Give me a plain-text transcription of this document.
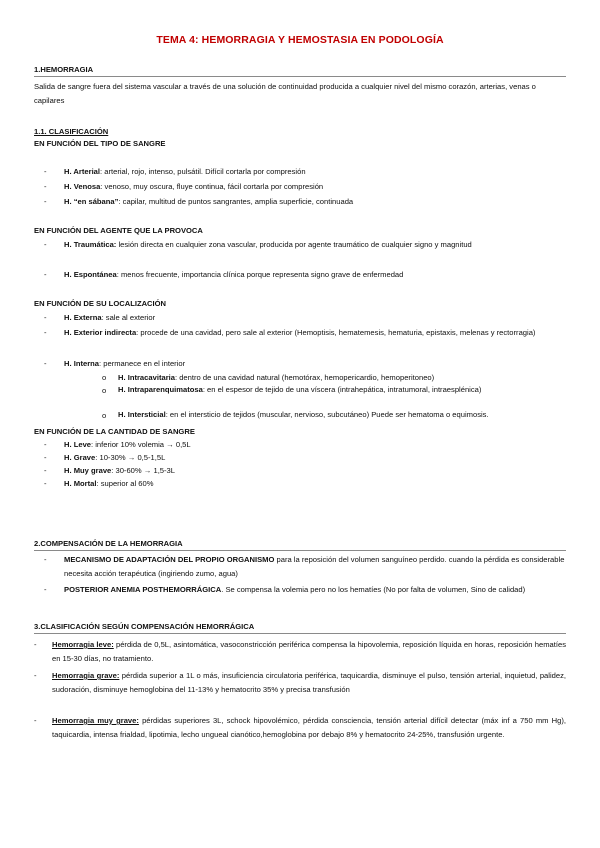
TEMA 4: HEMORRAGIA Y HEMOSTASIA EN PODOLOGÍA
1.HEMORRAGIA
Salida de sangre fuera del sistema vascular a través de una solución de continuidad producida a cualquier nivel del mismo corazón, arterias, venas o capilares
1.1. CLASIFICACIÓN
EN FUNCIÓN DEL TIPO DE SANGRE
- H. Arterial: arterial, rojo, intenso, pulsátil. Difícil cortarla por compresión
- H. Venosa: venoso, muy oscura, fluye continua, fácil cortarla por compresión
- H. “en sábana”: capilar, multitud de puntos sangrantes, amplia superficie, continuada
EN FUNCIÓN DEL AGENTE QUE LA PROVOCA
- H. Traumática: lesión directa en cualquier zona vascular, producida por agente traumático de cualquier signo y magnitud
- H. Espontánea: menos frecuente, importancia clínica porque representa signo grave de enfermedad
EN FUNCIÓN DE SU LOCALIZACIÓN
- H. Externa: sale al exterior
- H. Exterior indirecta: procede de una cavidad, pero sale al exterior (Hemoptisis, hematemesis, hematuria, epistaxis, melenas y rectorragia)
- H. Interna: permanece en el interior
o H. Intracavitaria: dentro de una cavidad natural (hemotórax, hemopericardio, hemoperitoneo)
o H. Intraparenquimatosa: en el espesor de tejido de una víscera (intrahepática, intratumoral, intraesplénica)
o H. Intersticial: en el intersticio de tejidos (muscular, nervioso, subcutáneo) Puede ser hematoma o equimosis.
EN FUNCIÓN DE LA CANTIDAD DE SANGRE
- H. Leve: inferior 10% volemia → 0,5L
- H. Grave: 10-30% → 0,5-1,5L
- H. Muy grave: 30-60% → 1,5-3L
- H. Mortal: superior al 60%
2.COMPENSACIÓN DE LA HEMORRAGIA
- MECANISMO DE ADAPTACIÓN DEL PROPIO ORGANISMO para la reposición del volumen sanguíneo perdido. cuando la pérdida es considerable necesita acción terapéutica (ingiriendo zumo, agua)
- POSTERIOR ANEMIA POSTHEMORRÁGICA. Se compensa la volemia pero no los hematíes (No por falta de volumen, Sino de calidad)
3.CLASIFICACIÓN SEGÚN COMPENSACIÓN HEMORRÁGICA
- Hemorragia leve: pérdida de 0,5L, asintomática, vasoconstricción periférica compensa la hipovolemia, reposición líquida en horas, reposición hematíes en 15-30 días, no tratamiento.
- Hemorragia grave: pérdida superior a 1L o más, insuficiencia circulatoria periférica, taquicardia, disminuye el pulso, tensión arterial, inquietud, palidez, sudoración, disminuye hemoglobina del 11-13% y hematocrito 35% y precisa transfusión
- Hemorragia muy grave: pérdidas superiores 3L, schock hipovolémico, pérdida consciencia, tensión arterial difícil detectar (máx inf a 750 mm Hg), taquicardia, intensa frialdad, lipotimia, lecho ungueal cianótico,hemoglobina por debajo 8% y hematocrito 24-25%, transfusión urgente.
